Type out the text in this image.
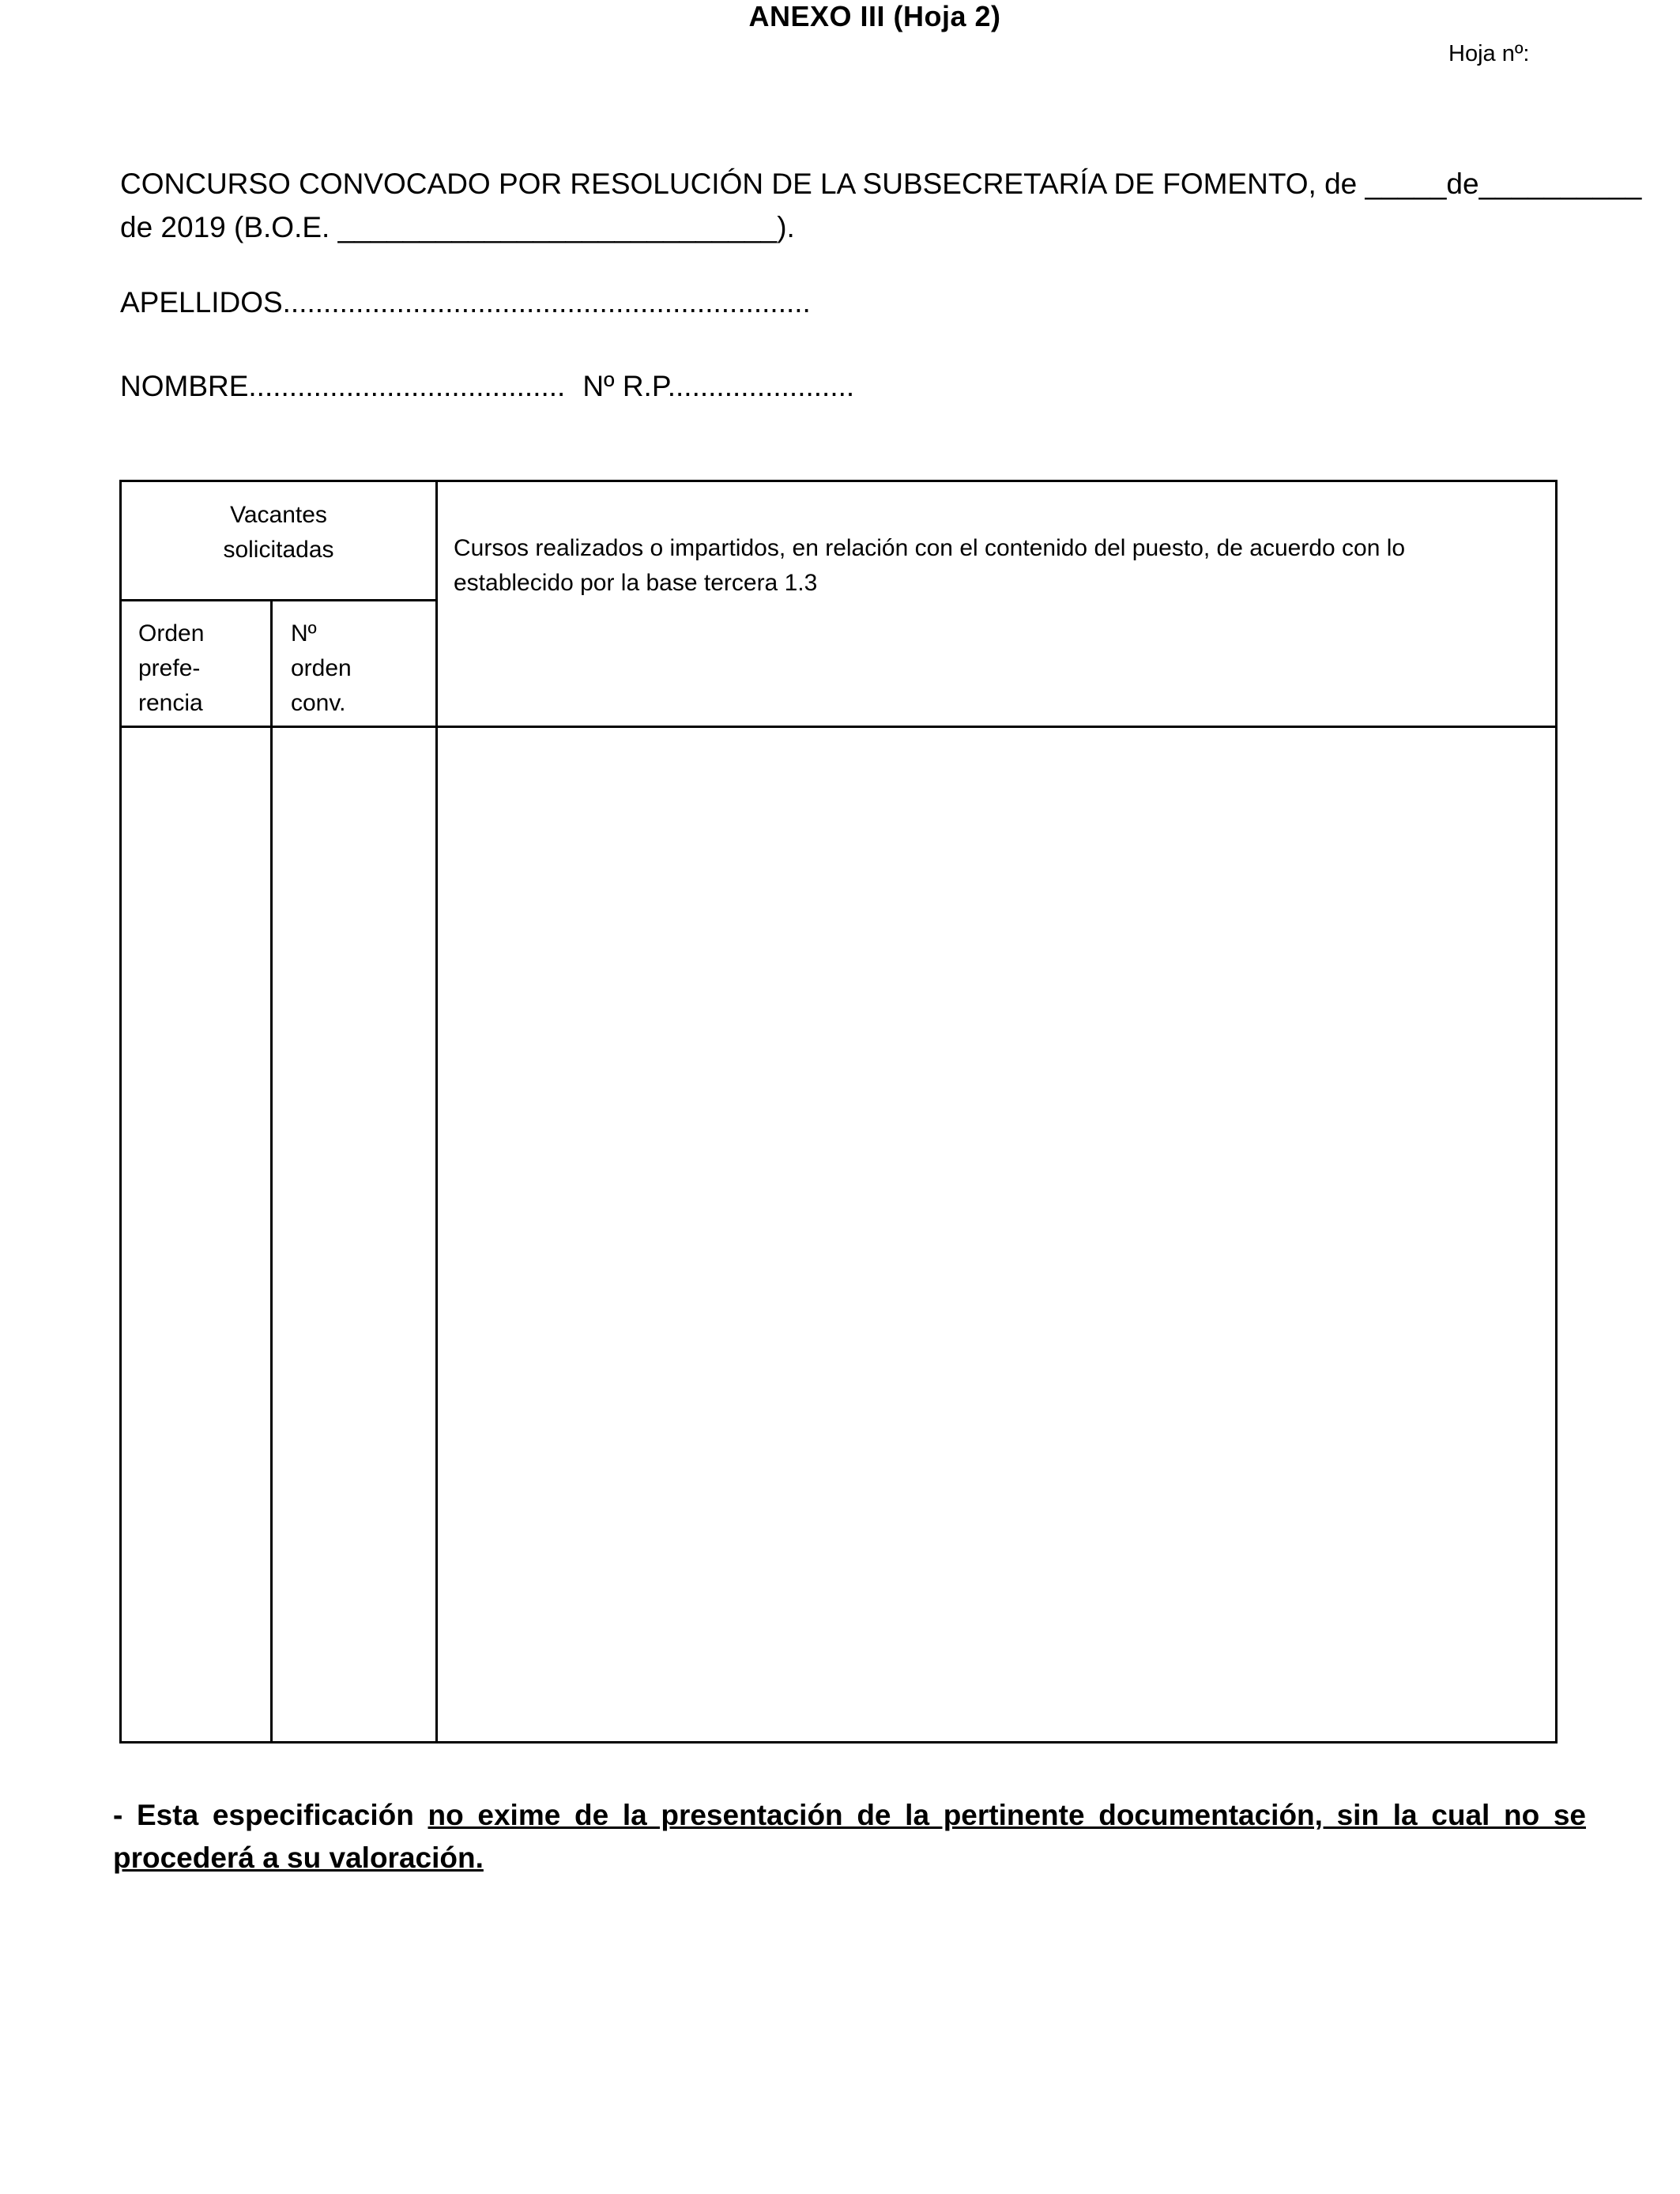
ANEXO III (Hoja 2)
Hoja nº:
CONCURSO CONVOCADO POR RESOLUCIÓN DE LA SUBSECRETARÍA DE FOMENTO, de _____de__________
de 2019 (B.O.E. ___________________________).
APELLIDOS.................................................................
NOMBRE....................................... Nº R.P.......................
Vacantes
solicitadas	Cursos realizados o impartidos, en relación con el contenido del puesto, de acuerdo con lo
establecido por la base tercera 1.3
Orden
prefe-
rencia
Nº
orden
conv.
- Esta especificación no exime de la presentación de la pertinente documentación, sin la cual no se procederá a su valoración.
